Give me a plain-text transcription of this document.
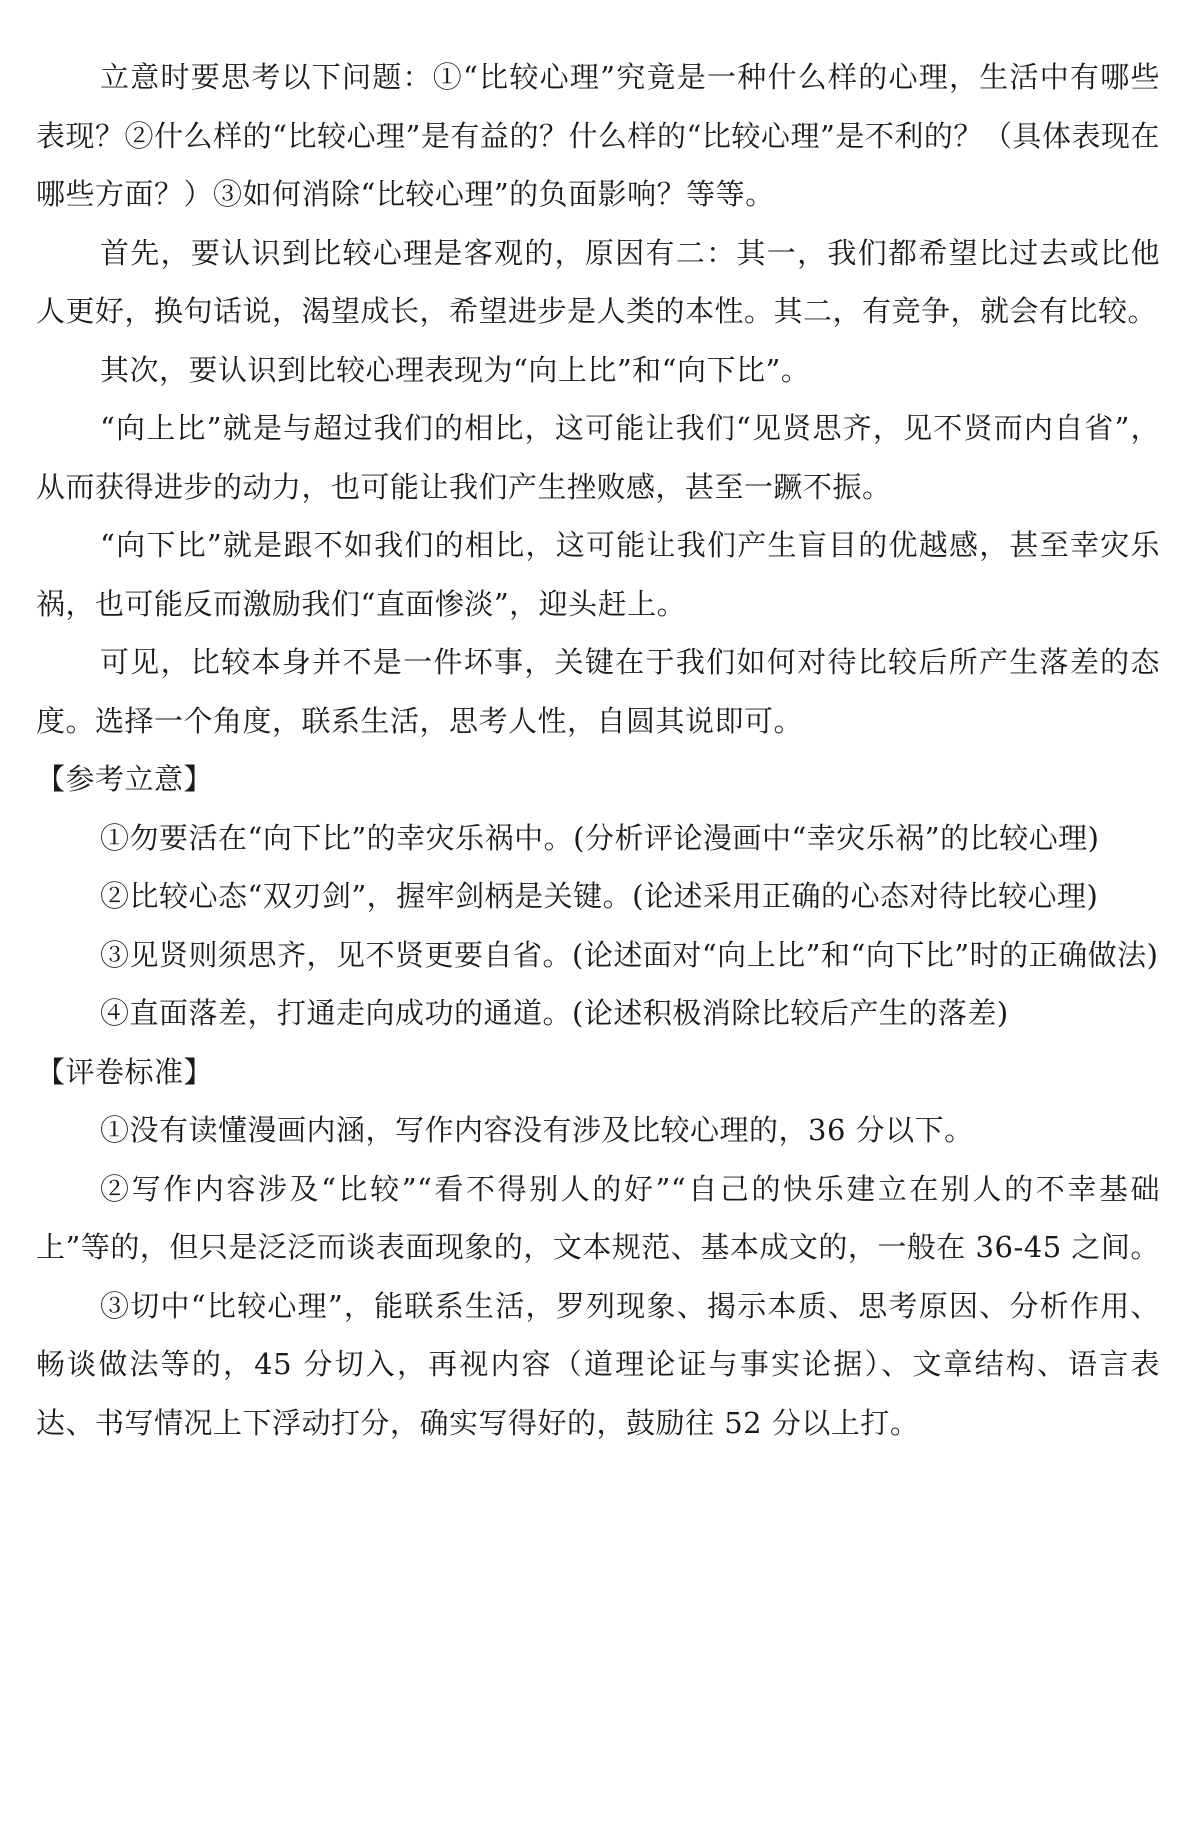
立意时要思考以下问题：①“比较心理”究竟是一种什么样的心理，生活中有哪些表现？②什么样的“比较心理”是有益的？什么样的“比较心理”是不利的？（具体表现在哪些方面？）③如何消除“比较心理”的负面影响？等等。

首先，要认识到比较心理是客观的，原因有二：其一，我们都希望比过去或比他人更好，换句话说，渴望成长，希望进步是人类的本性。其二，有竞争，就会有比较。

其次，要认识到比较心理表现为“向上比”和“向下比”。

“向上比”就是与超过我们的相比，这可能让我们“见贤思齐，见不贤而内自省”，从而获得进步的动力，也可能让我们产生挫败感，甚至一蹶不振。

“向下比”就是跟不如我们的相比，这可能让我们产生盲目的优越感，甚至幸灾乐祸，也可能反而激励我们“直面惨淡”，迎头赶上。

可见，比较本身并不是一件坏事，关键在于我们如何对待比较后所产生落差的态度。选择一个角度，联系生活，思考人性，自圆其说即可。

【参考立意】

①勿要活在“向下比”的幸灾乐祸中。(分析评论漫画中“幸灾乐祸”的比较心理)

②比较心态“双刃剑”，握牢剑柄是关键。(论述采用正确的心态对待比较心理)

③见贤则须思齐，见不贤更要自省。(论述面对“向上比”和“向下比”时的正确做法)

④直面落差，打通走向成功的通道。(论述积极消除比较后产生的落差)

【评卷标准】

①没有读懂漫画内涵，写作内容没有涉及比较心理的，36 分以下。

②写作内容涉及“比较”“看不得别人的好”“自己的快乐建立在别人的不幸基础上”等的，但只是泛泛而谈表面现象的，文本规范、基本成文的，一般在 36-45 之间。

③切中“比较心理”，能联系生活，罗列现象、揭示本质、思考原因、分析作用、畅谈做法等的，45 分切入，再视内容（道理论证与事实论据）、文章结构、语言表达、书写情况上下浮动打分，确实写得好的，鼓励往 52 分以上打。
